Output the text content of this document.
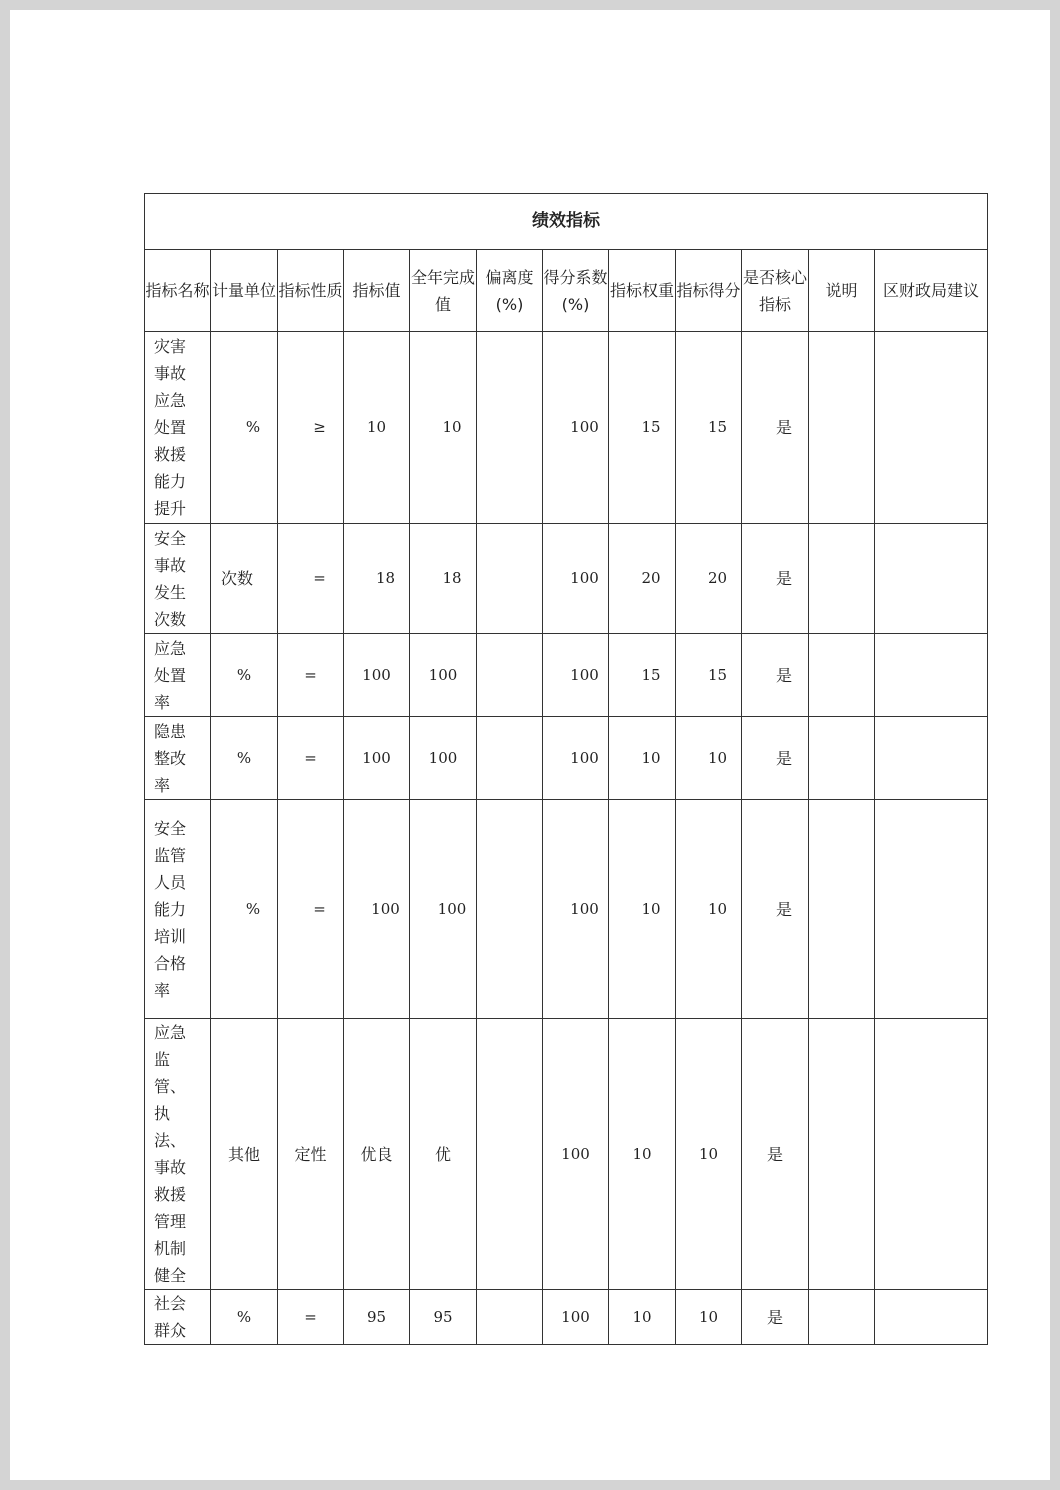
绩效指标											
指标名称	计量单位	指标性质	指标值	全年完成值	偏离度(%)	得分系数(%)	指标权重	指标得分	是否核心指标	说明	区财政局建议

灾害事故应急处置救援能力提升	%	≥	10	10		100	15	15	是		

安全事故发生次数	次数	=	18	18		100	20	20	是		

应急处置率	%	=	100	100		100	15	15	是		

隐患整改率	%	=	100	100		100	10	10	是		

安全监管人员能力培训合格率	%	=	100	100		100	10	10	是		

应急监管、执法、事故救援管理机制健全	其他	定性	优良	优		100	10	10	是		

社会群众	%	=	95	95		100	10	10	是		
